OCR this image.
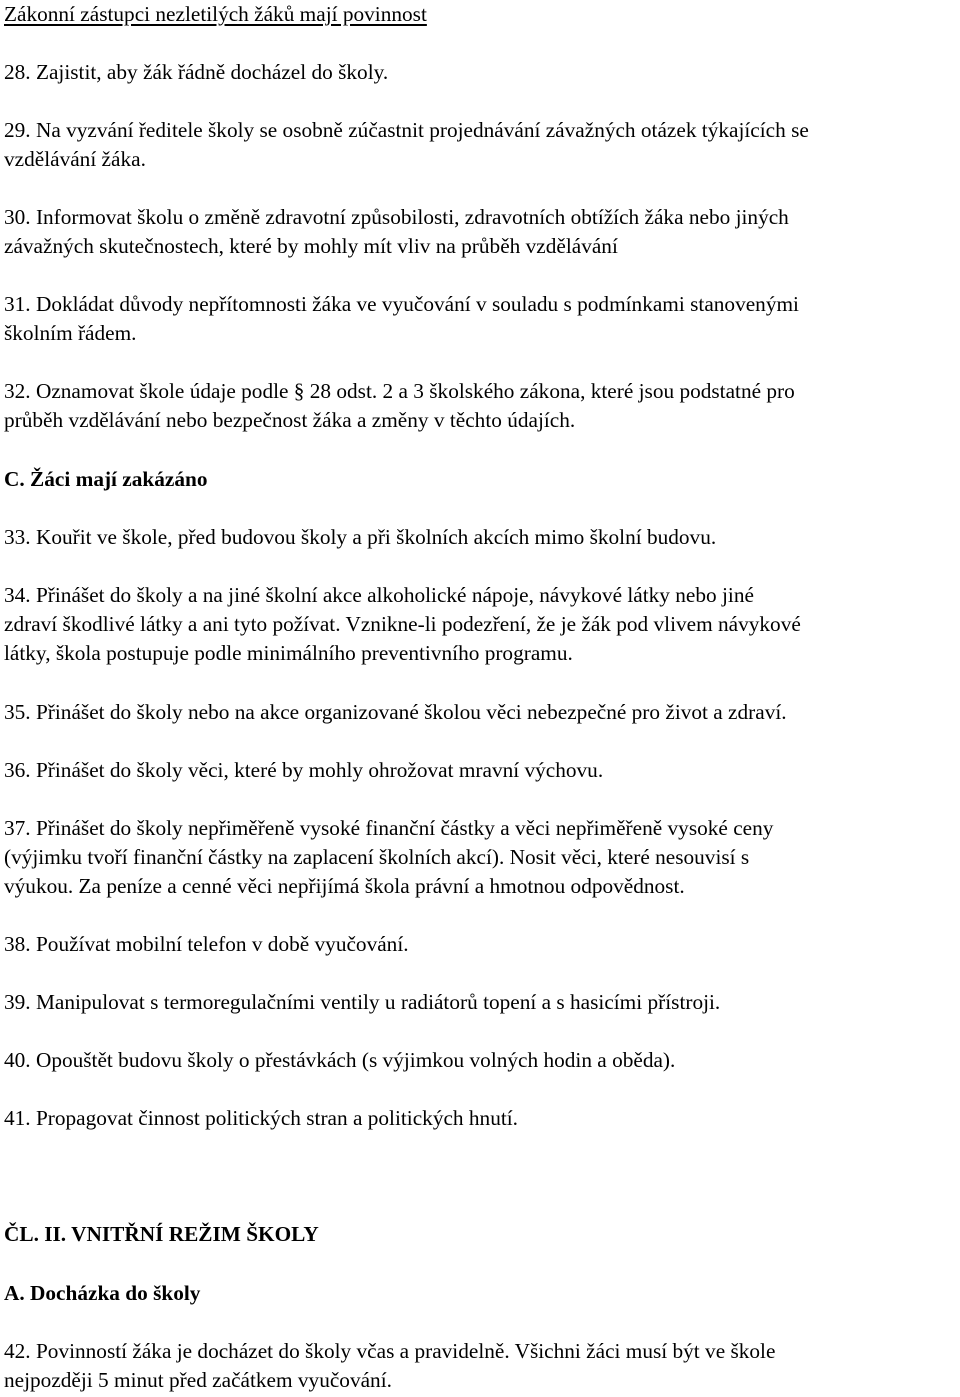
Zákonní zástupci nezletilých žáků mají povinnost
28. Zajistit, aby žák řádně docházel do školy.
29. Na vyzvání ředitele školy se osobně zúčastnit projednávání závažných otázek týkajících se
vzdělávání žáka.
30. Informovat školu o změně zdravotní způsobilosti, zdravotních obtížích žáka nebo jiných
závažných skutečnostech, které by mohly mít vliv na průběh vzdělávání
31. Dokládat důvody nepřítomnosti žáka ve vyučování v souladu s podmínkami stanovenými
školním řádem.
32. Oznamovat škole údaje podle § 28 odst. 2 a 3 školského zákona, které jsou podstatné pro
průběh vzdělávání nebo bezpečnost žáka a změny v těchto údajích.
C. Žáci mají zakázáno
33. Kouřit ve škole, před budovou školy a při školních akcích mimo školní budovu.
34. Přinášet do školy a na jiné školní akce alkoholické nápoje, návykové látky nebo jiné
zdraví škodlivé látky a ani tyto požívat. Vznikne-li podezření, že je žák pod vlivem návykové
látky, škola postupuje podle minimálního preventivního programu.
35. Přinášet do školy nebo na akce organizované školou věci nebezpečné pro život a zdraví.
36. Přinášet do školy věci, které by mohly ohrožovat mravní výchovu.
37. Přinášet do školy nepřiměřeně vysoké finanční částky a věci nepřiměřeně vysoké ceny
(výjimku tvoří finanční částky na zaplacení školních akcí). Nosit věci, které nesouvisí s
výukou. Za peníze a cenné věci nepřijímá škola právní a hmotnou odpovědnost.
38. Používat mobilní telefon v době vyučování.
39. Manipulovat s termoregulačními ventily u radiátorů topení a s hasicími přístroji.
40. Opouštět budovu školy o přestávkách (s výjimkou volných hodin a oběda).
41. Propagovat činnost politických stran a politických hnutí.
ČL. II. VNITŘNÍ REŽIM ŠKOLY
A. Docházka do školy
42. Povinností žáka je docházet do školy včas a pravidelně. Všichni žáci musí být ve škole
nejpozději 5 minut před začátkem vyučování.
